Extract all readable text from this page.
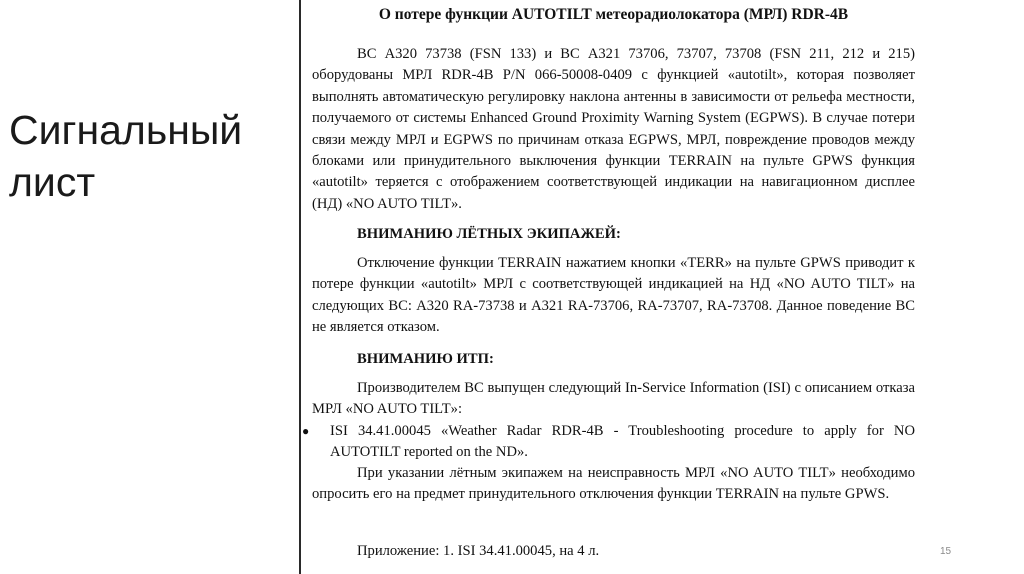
Сигнальный лист
О потере функции AUTOTILT метеорадиолокатора (МРЛ) RDR-4B
ВС А320 73738 (FSN 133) и ВС А321 73706, 73707, 73708 (FSN 211, 212 и 215) оборудованы МРЛ RDR-4B P/N 066-50008-0409 с функцией «autotilt», которая позволяет выполнять автоматическую регулировку наклона антенны в зависимости от рельефа местности, получаемого от системы Enhanced Ground Proximity Warning System (EGPWS). В случае потери связи между МРЛ и EGPWS по причинам отказа EGPWS, МРЛ, повреждение проводов между блоками или принудительного выключения функции TERRAIN на пульте GPWS функция «autotilt» теряется с отображением соответствующей индикации на навигационном дисплее (НД) «NO AUTO TILT».
ВНИМАНИЮ ЛЁТНЫХ ЭКИПАЖЕЙ:
Отключение функции TERRAIN нажатием кнопки «TERR» на пульте GPWS приводит к потере функции «autotilt» МРЛ с соответствующей индикацией на НД «NO AUTO TILT» на следующих ВС: А320 RA-73738 и А321 RA-73706, RA-73707, RA-73708. Данное поведение ВС не является отказом.
ВНИМАНИЮ ИТП:
Производителем ВС выпущен следующий In-Service Information (ISI) с описанием отказа МРЛ «NO AUTO TILT»:
● ISI 34.41.00045 «Weather Radar RDR-4B - Troubleshooting procedure to apply for NO AUTOTILT reported on the ND».
При указании лётным экипажем на неисправность МРЛ «NO AUTO TILT» необходимо опросить его на предмет принудительного отключения функции TERRAIN на пульте GPWS.
Приложение: 1. ISI 34.41.00045, на 4 л.	15
